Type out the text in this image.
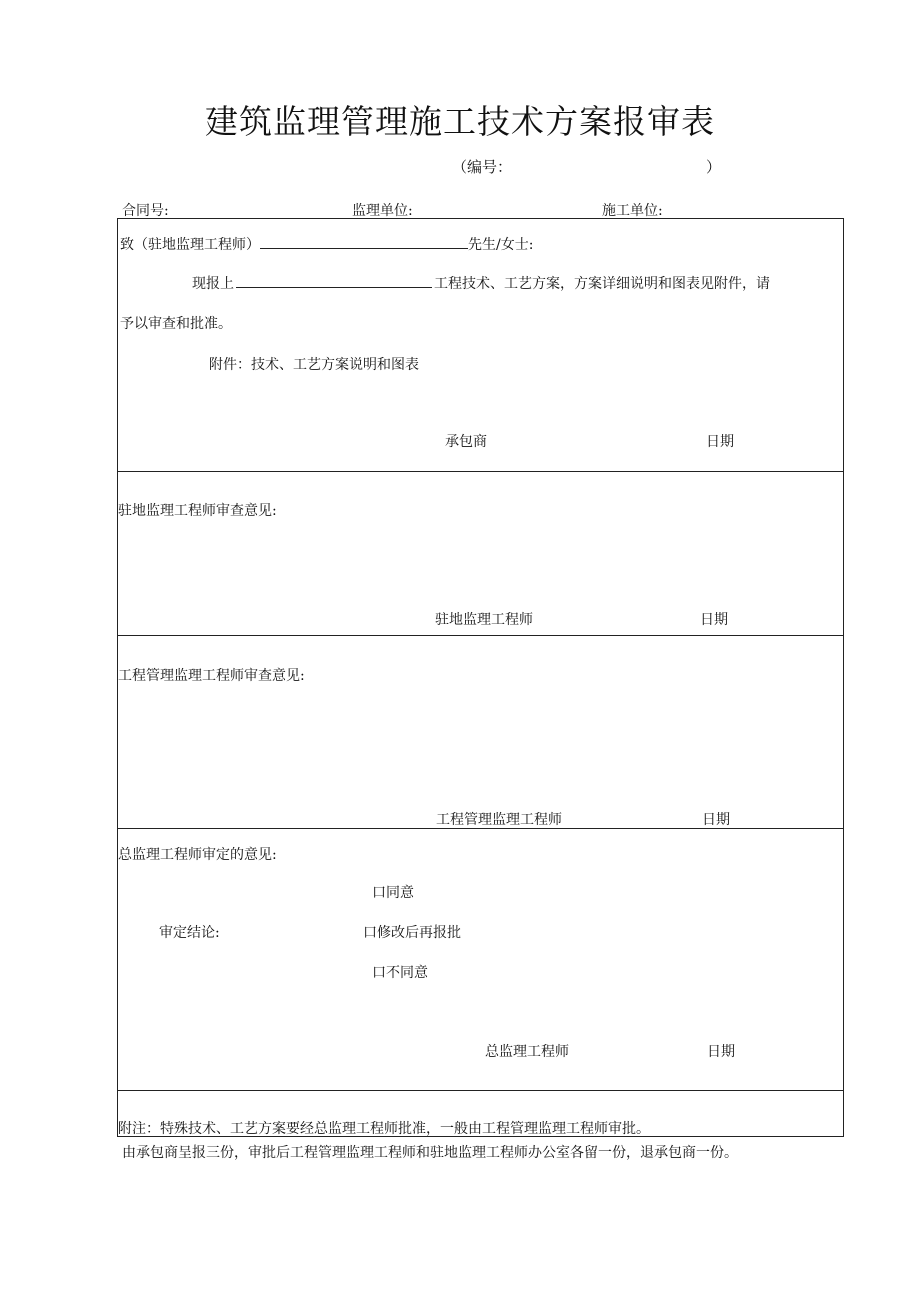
建筑监理管理施工技术方案报审表
（编号：	）
合同号:	监理单位:	施工单位:
致（驻地监理工程师）	先生/女士:
现报上	工程技术、工艺方案，方案详细说明和图表见附件，请
予以审查和批准。
附件：技术、工艺方案说明和图表
承包商	日期
驻地监理工程师审查意见:
驻地监理工程师	日期
工程管理监理工程师审查意见:
工程管理监理工程师	日期
总监理工程师审定的意见:
口同意
审定结论:	口修改后再报批
口不同意
总监理工程师	日期
附注：特殊技术、工艺方案要经总监理工程师批准，一般由工程管理监理工程师审批。
由承包商呈报三份，审批后工程管理监理工程师和驻地监理工程师办公室各留一份，退承包商一份。
